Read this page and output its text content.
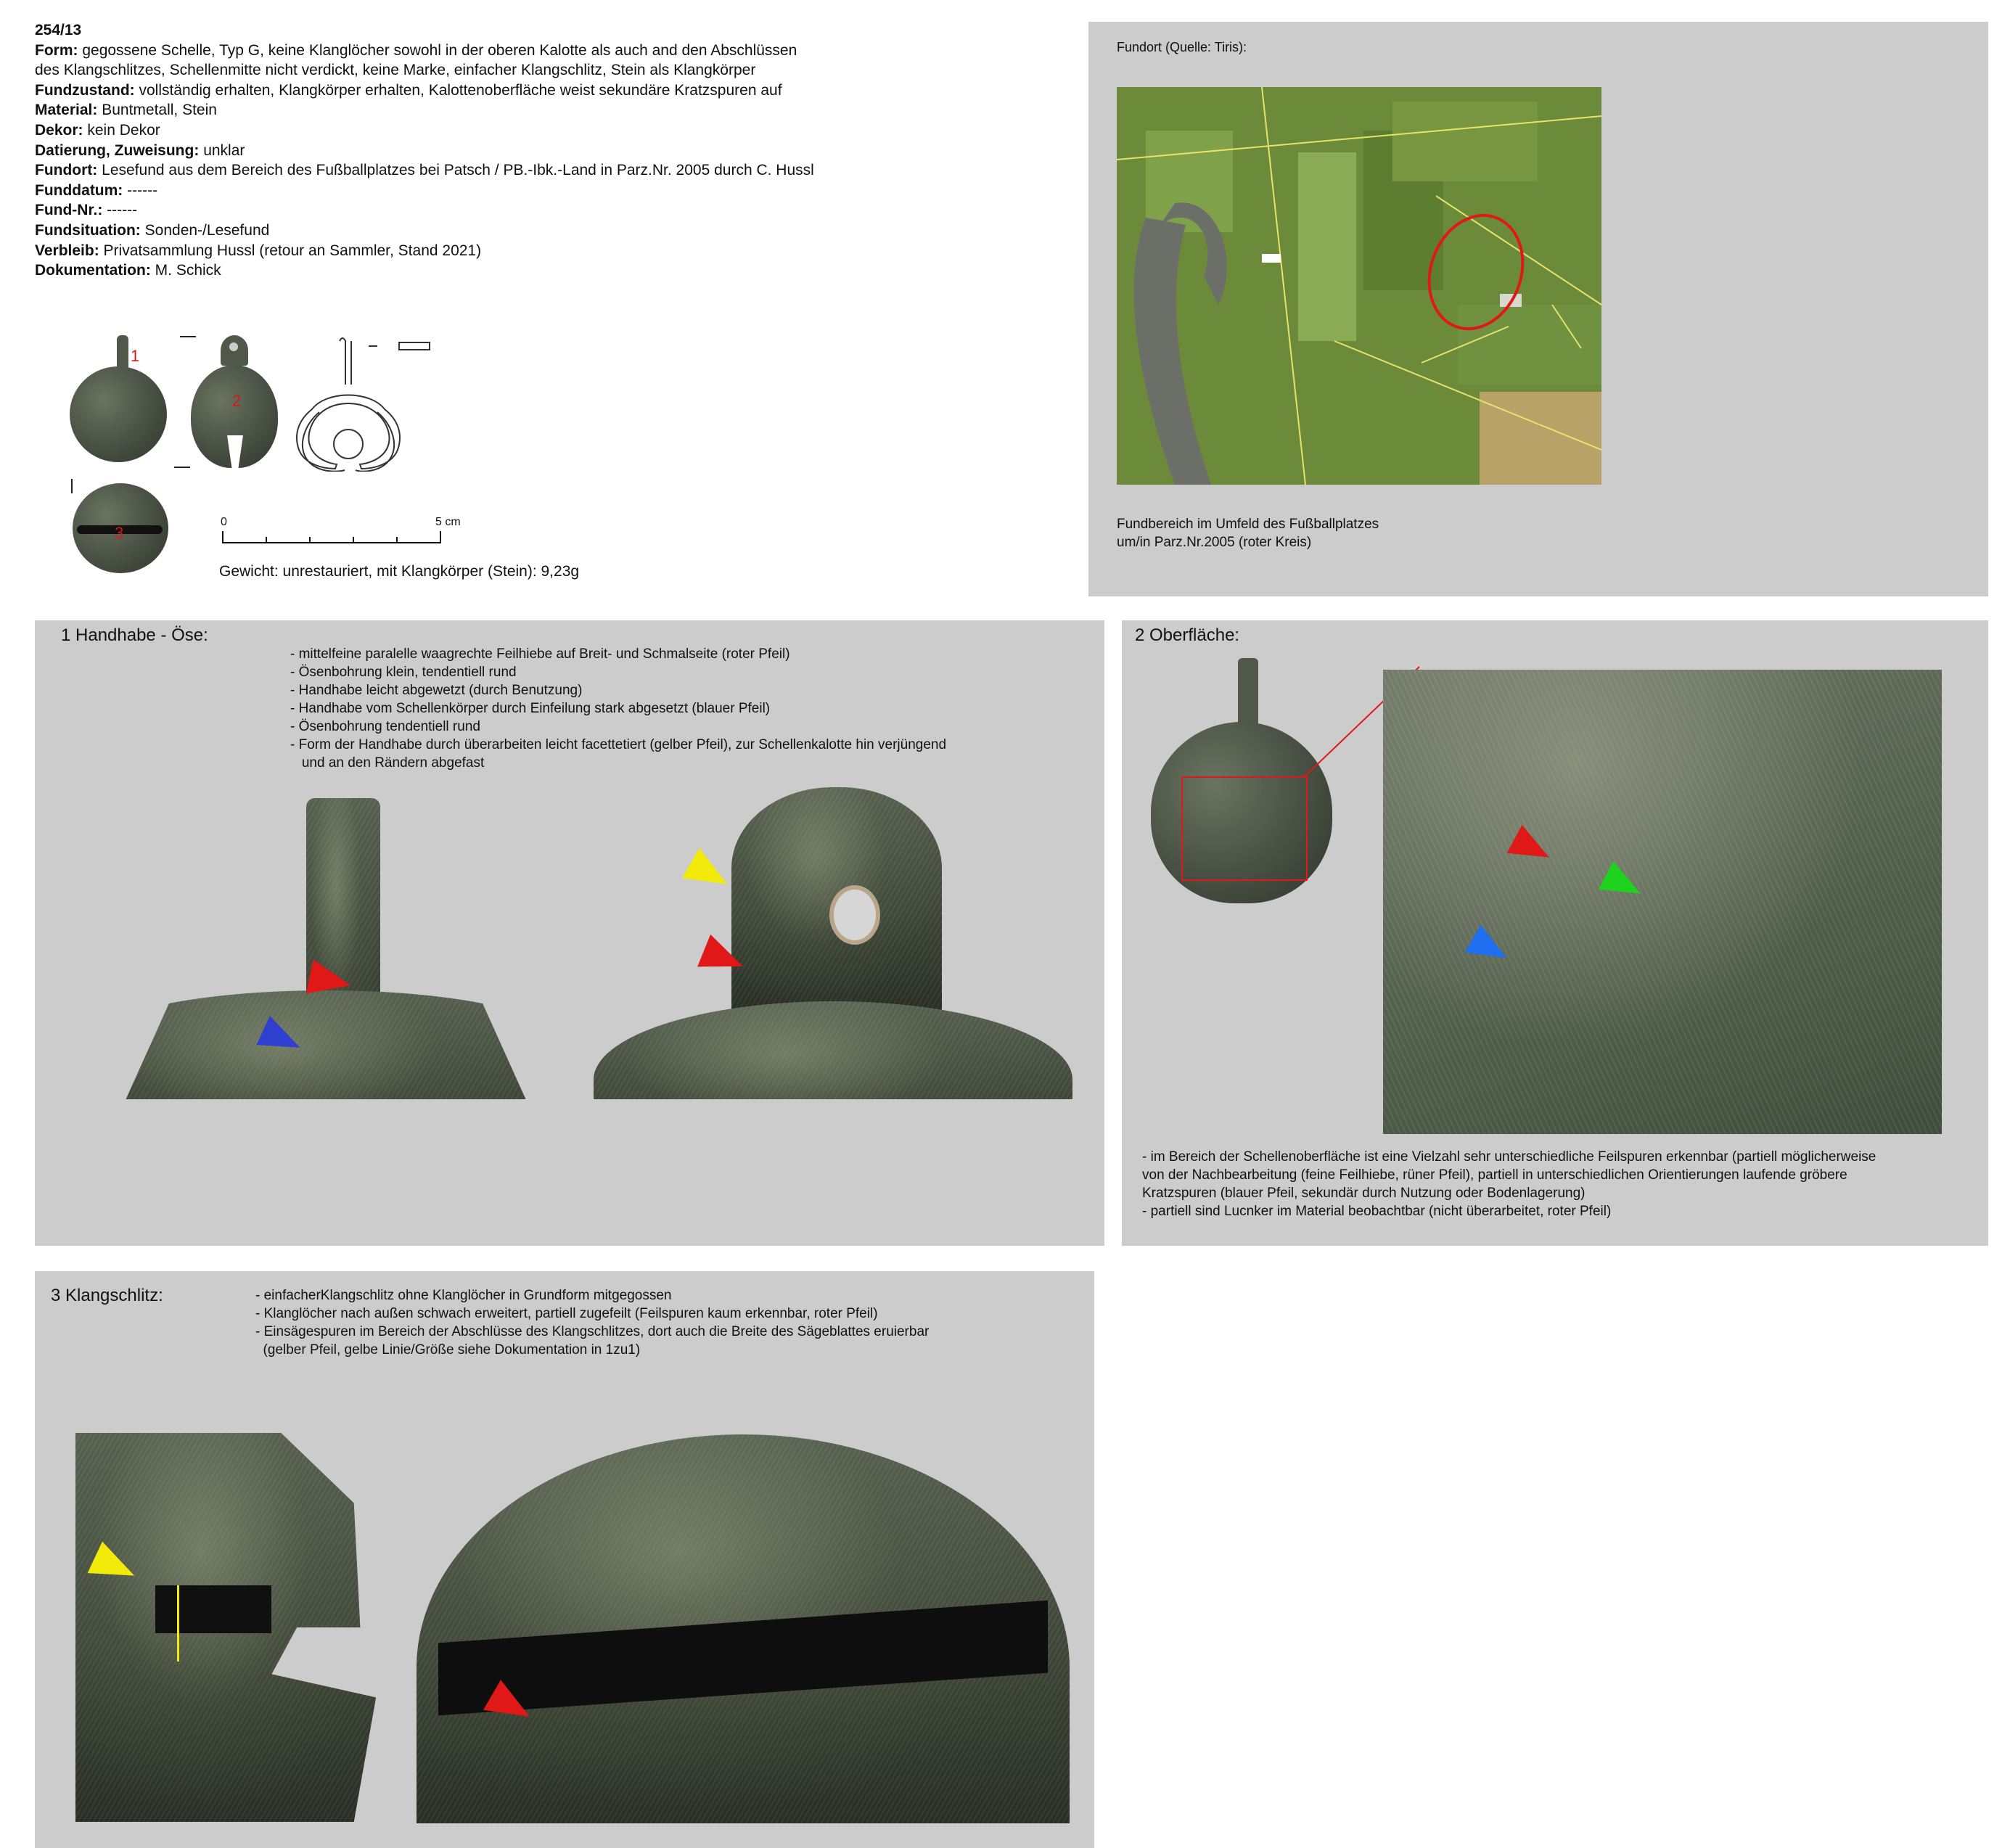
254/13
Form: gegossene Schelle, Typ G, keine Klanglöcher sowohl in der oberen Kalotte als auch and den Abschlüssen
des Klangschlitzes, Schellenmitte nicht verdickt, keine Marke, einfacher Klangschlitz, Stein als Klangkörper
Fundzustand: vollständig erhalten, Klangkörper erhalten, Kalottenoberfläche weist sekundäre Kratzspuren auf
Material: Buntmetall, Stein
Dekor: kein Dekor
Datierung, Zuweisung: unklar
Fundort: Lesefund aus dem Bereich des Fußballplatzes bei Patsch / PB.-Ibk.-Land in Parz.Nr. 2005 durch C. Hussl
Funddatum: ------
Fund-Nr.: ------
Fundsituation: Sonden-/Lesefund
Verbleib: Privatsammlung Hussl (retour an Sammler, Stand 2021)
Dokumentation: M. Schick
1
2
3
0	5 cm
Gewicht: unrestauriert, mit Klangkörper (Stein): 9,23g
Fundort (Quelle: Tiris):
Fundbereich im Umfeld des Fußballplatzes
um/in Parz.Nr.2005 (roter Kreis)
1 Handhabe - Öse:
- mittelfeine paralelle waagrechte Feilhiebe auf Breit- und Schmalseite (roter Pfeil)
- Ösenbohrung klein, tendentiell rund
- Handhabe leicht abgewetzt (durch Benutzung)
- Handhabe vom Schellenkörper durch Einfeilung stark abgesetzt (blauer Pfeil)
- Ösenbohrung tendentiell rund
- Form der Handhabe durch überarbeiten leicht facettetiert (gelber Pfeil), zur Schellenkalotte hin verjüngend
und an den Rändern abgefast
2 Oberfläche:
- im Bereich der Schellenoberfläche ist eine Vielzahl sehr unterschiedliche Feilspuren erkennbar (partiell möglicherweise
von der Nachbearbeitung (feine Feilhiebe, rüner Pfeil), partiell in unterschiedlichen Orientierungen laufende gröbere
Kratzspuren (blauer Pfeil, sekundär durch Nutzung oder Bodenlagerung)
- partiell sind Lucnker im Material beobachtbar (nicht überarbeitet, roter Pfeil)
3 Klangschlitz:	- einfacherKlangschlitz ohne Klanglöcher in Grundform mitgegossen
- Klanglöcher nach außen schwach erweitert, partiell zugefeilt (Feilspuren kaum erkennbar, roter Pfeil)
- Einsägespuren im Bereich der Abschlüsse des Klangschlitzes, dort auch die Breite des Sägeblattes eruierbar
(gelber Pfeil, gelbe Linie/Größe siehe Dokumentation in 1zu1)
